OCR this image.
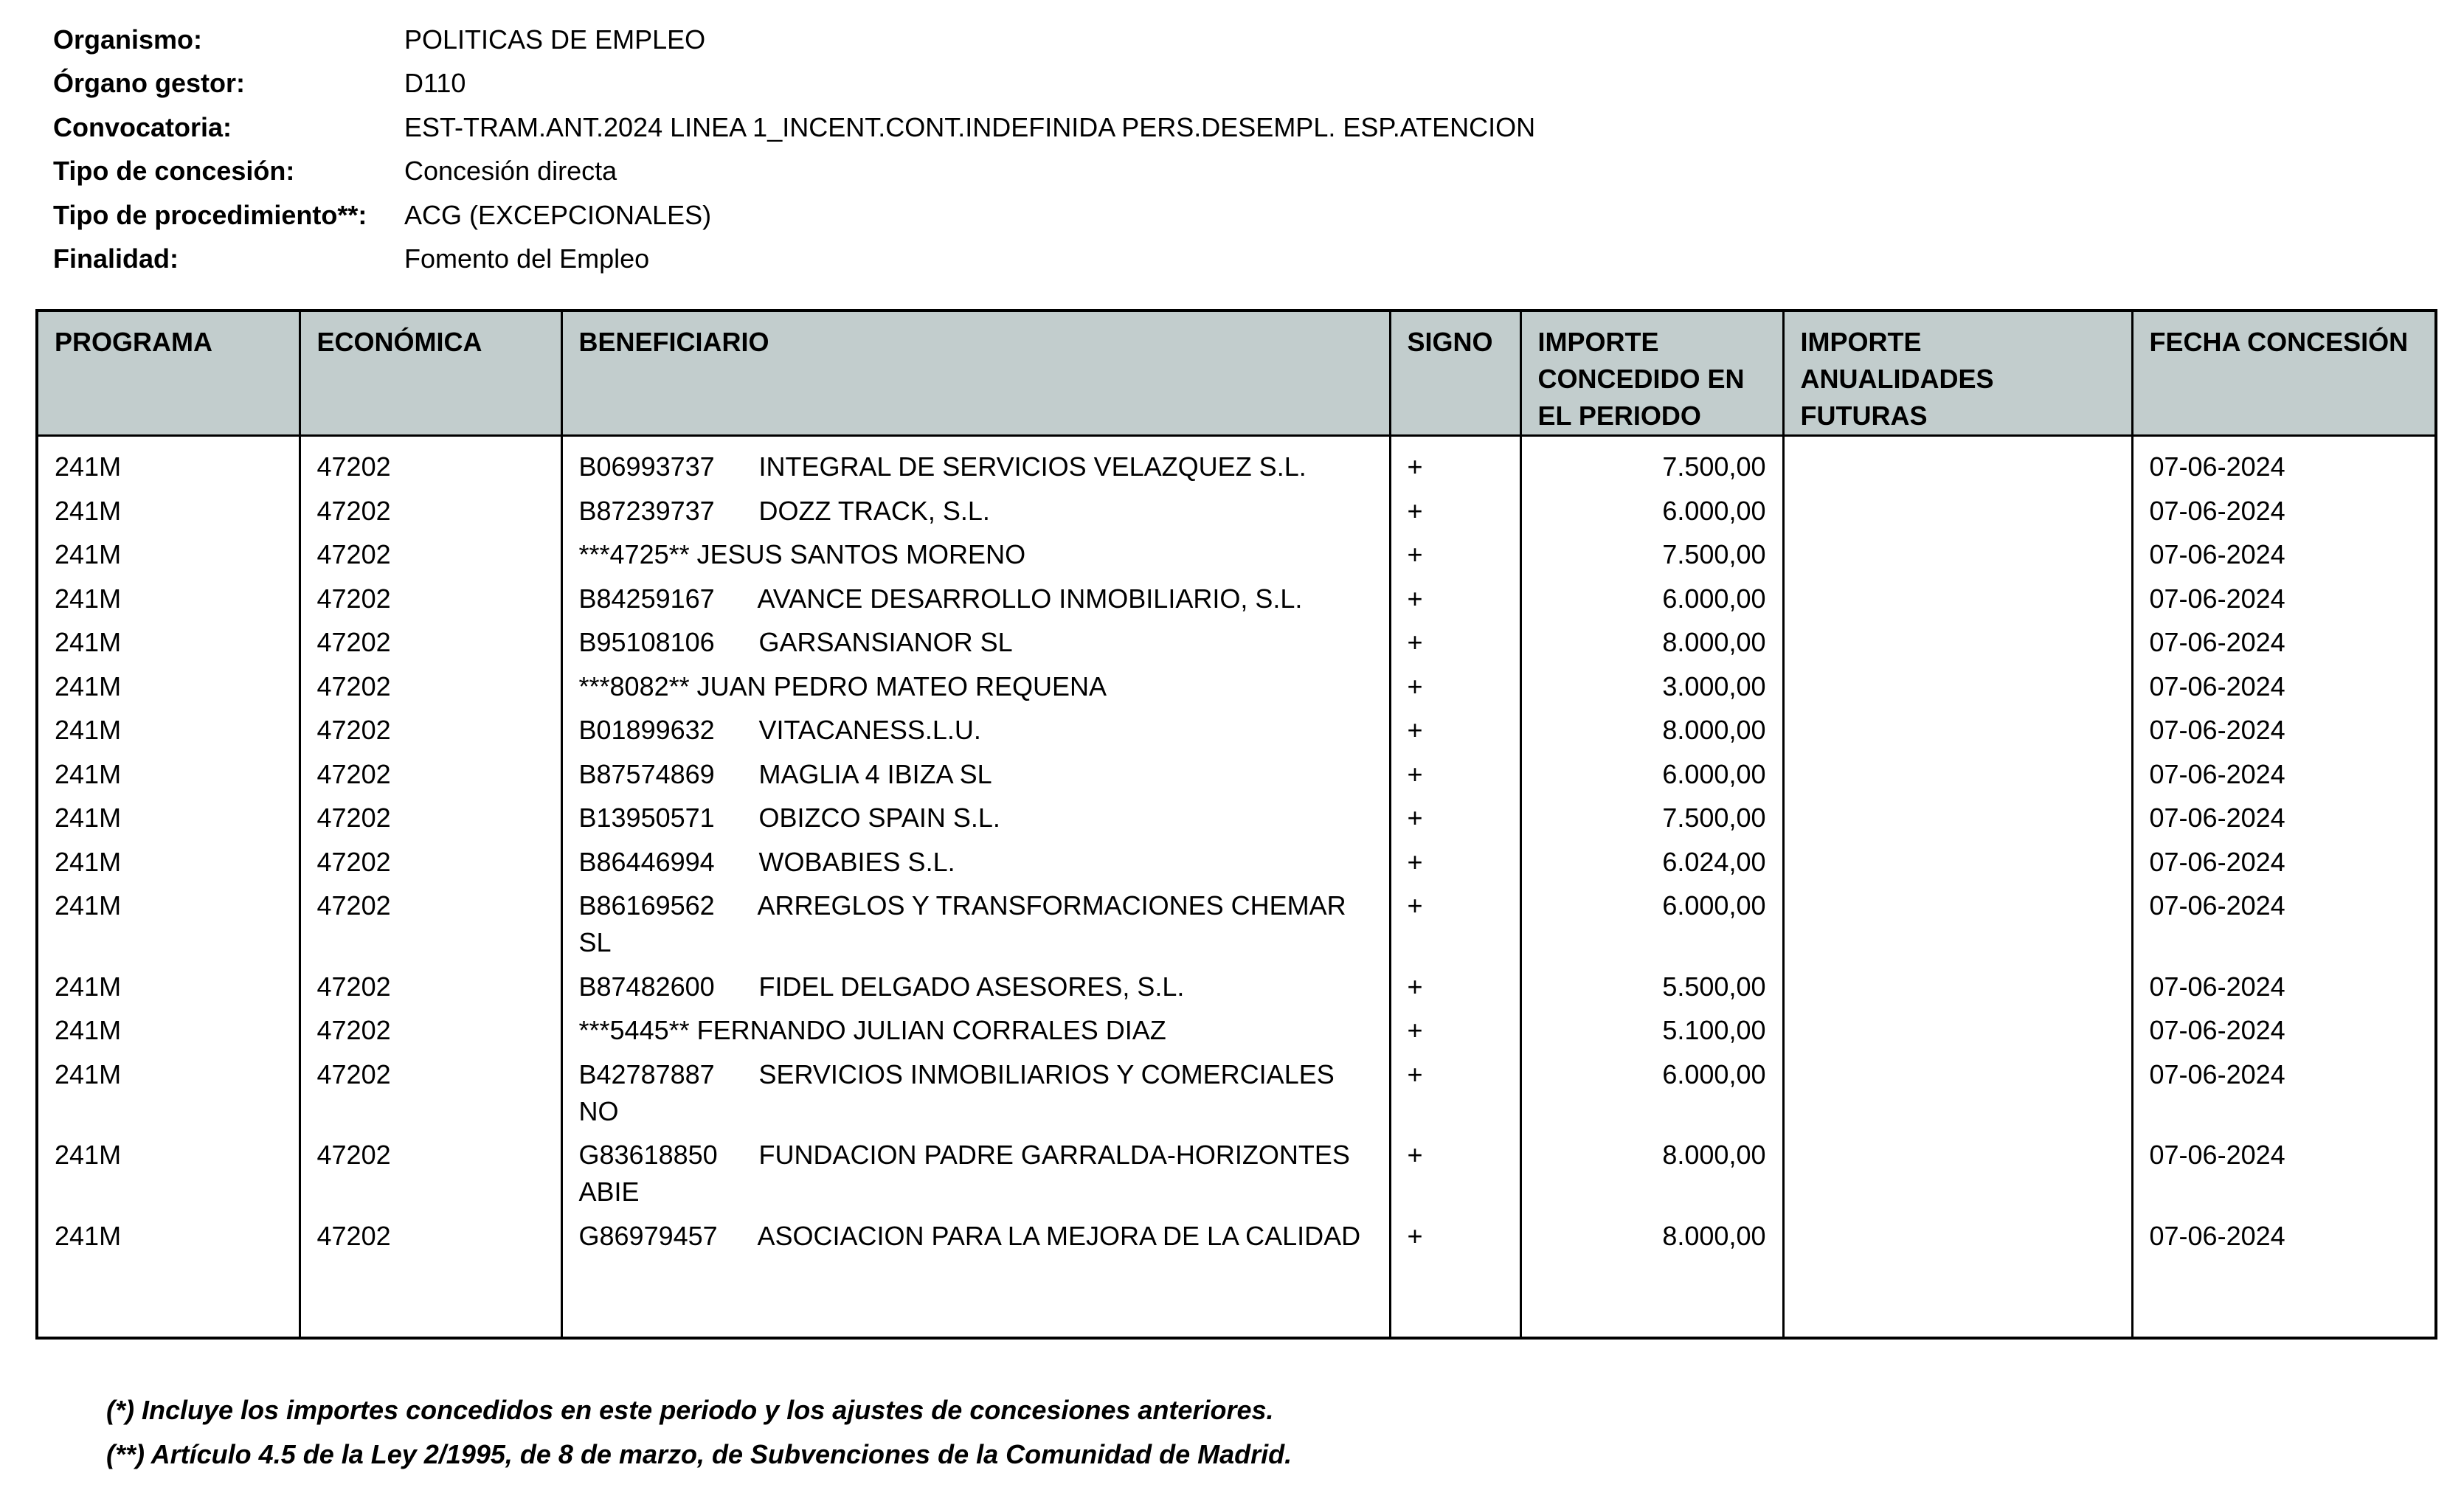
Organismo:	POLITICAS DE EMPLEO
Órgano gestor:	D110
Convocatoria:	EST-TRAM.ANT.2024 LINEA 1_INCENT.CONT.INDEFINIDA PERS.DESEMPL. ESP.ATENCION
Tipo de concesión:	Concesión directa
Tipo de procedimiento**:	ACG (EXCEPCIONALES)
Finalidad:	Fomento del Empleo
PROGRAMA	ECONÓMICA	BENEFICIARIO	SIGNO	IMPORTE CONCEDIDO EN EL PERIODO	IMPORTE ANUALIDADES FUTURAS	FECHA CONCESIÓN
241M	47202	B06993737 INTEGRAL DE SERVICIOS VELAZQUEZ S.L.	+	7.500,00		07-06-2024
241M	47202	B87239737 DOZZ TRACK, S.L.	+	6.000,00		07-06-2024
241M	47202	***4725** JESUS SANTOS MORENO	+	7.500,00		07-06-2024
241M	47202	B84259167 AVANCE DESARROLLO INMOBILIARIO, S.L.	+	6.000,00		07-06-2024
241M	47202	B95108106 GARSANSIANOR SL	+	8.000,00		07-06-2024
241M	47202	***8082** JUAN PEDRO MATEO REQUENA	+	3.000,00		07-06-2024
241M	47202	B01899632 VITACANESS.L.U.	+	8.000,00		07-06-2024
241M	47202	B87574869 MAGLIA 4 IBIZA SL	+	6.000,00		07-06-2024
241M	47202	B13950571 OBIZCO SPAIN S.L.	+	7.500,00		07-06-2024
241M	47202	B86446994 WOBABIES S.L.	+	6.024,00		07-06-2024
241M	47202	B86169562 ARREGLOS Y TRANSFORMACIONES CHEMAR SL	+	6.000,00		07-06-2024
241M	47202	B87482600 FIDEL DELGADO ASESORES, S.L.	+	5.500,00		07-06-2024
241M	47202	***5445** FERNANDO JULIAN CORRALES DIAZ	+	5.100,00		07-06-2024
241M	47202	B42787887 SERVICIOS INMOBILIARIOS Y COMERCIALES NO	+	6.000,00		07-06-2024
241M	47202	G83618850 FUNDACION PADRE GARRALDA-HORIZONTES ABIE	+	8.000,00		07-06-2024
241M	47202	G86979457 ASOCIACION PARA LA MEJORA DE LA CALIDAD	+	8.000,00		07-06-2024
(*) Incluye los importes concedidos en este periodo y los ajustes de concesiones anteriores.
(**) Artículo 4.5 de la Ley 2/1995, de 8 de marzo, de Subvenciones de la Comunidad de Madrid.
